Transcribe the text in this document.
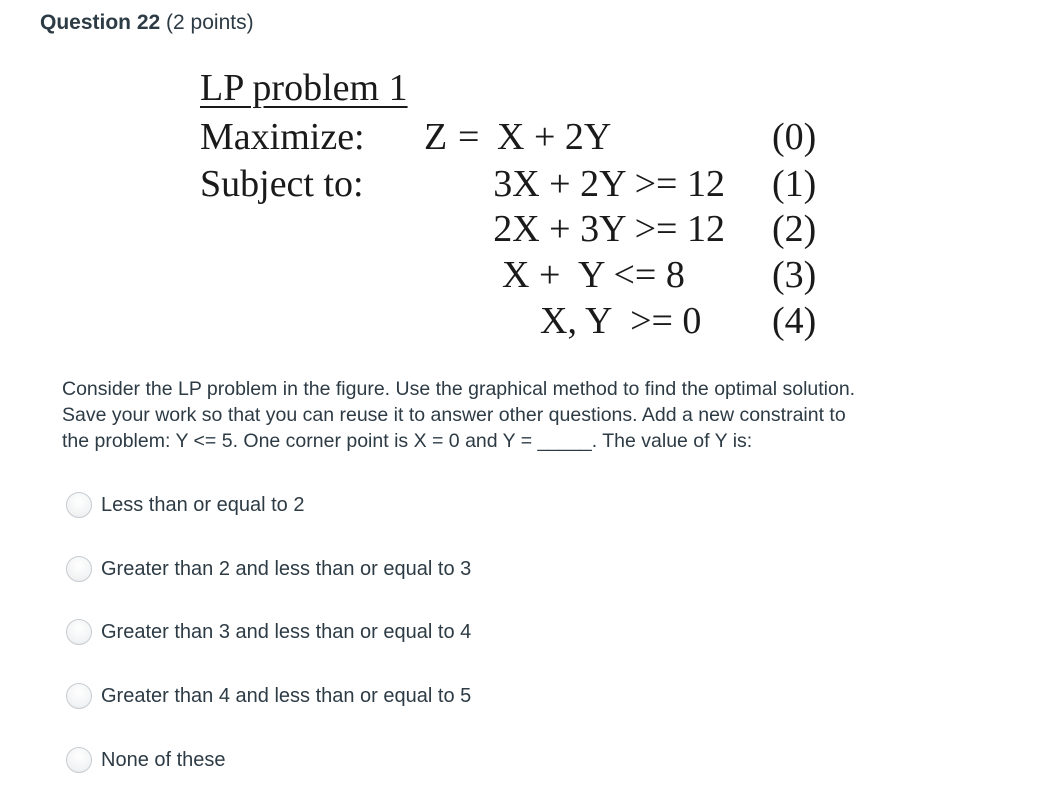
Question 22 (2 points)
LP problem 1
Maximize: Z = X + 2Y	(0)
Subject to:	3X + 2Y >= 12 (1)
2X + 3Y >= 12 (2)
X +  Y <= 8 (3)
X, Y  >= 0 (4)

Consider the LP problem in the figure. Use the graphical method to find the optimal solution.

Save your work so that you can reuse it to answer other questions. Add a new constraint to

the problem: Y <= 5. One corner point is X = 0 and Y = _____. The value of Y is:

Less than or equal to 2
Greater than 2 and less than or equal to 3
Greater than 3 and less than or equal to 4
Greater than 4 and less than or equal to 5
None of these
